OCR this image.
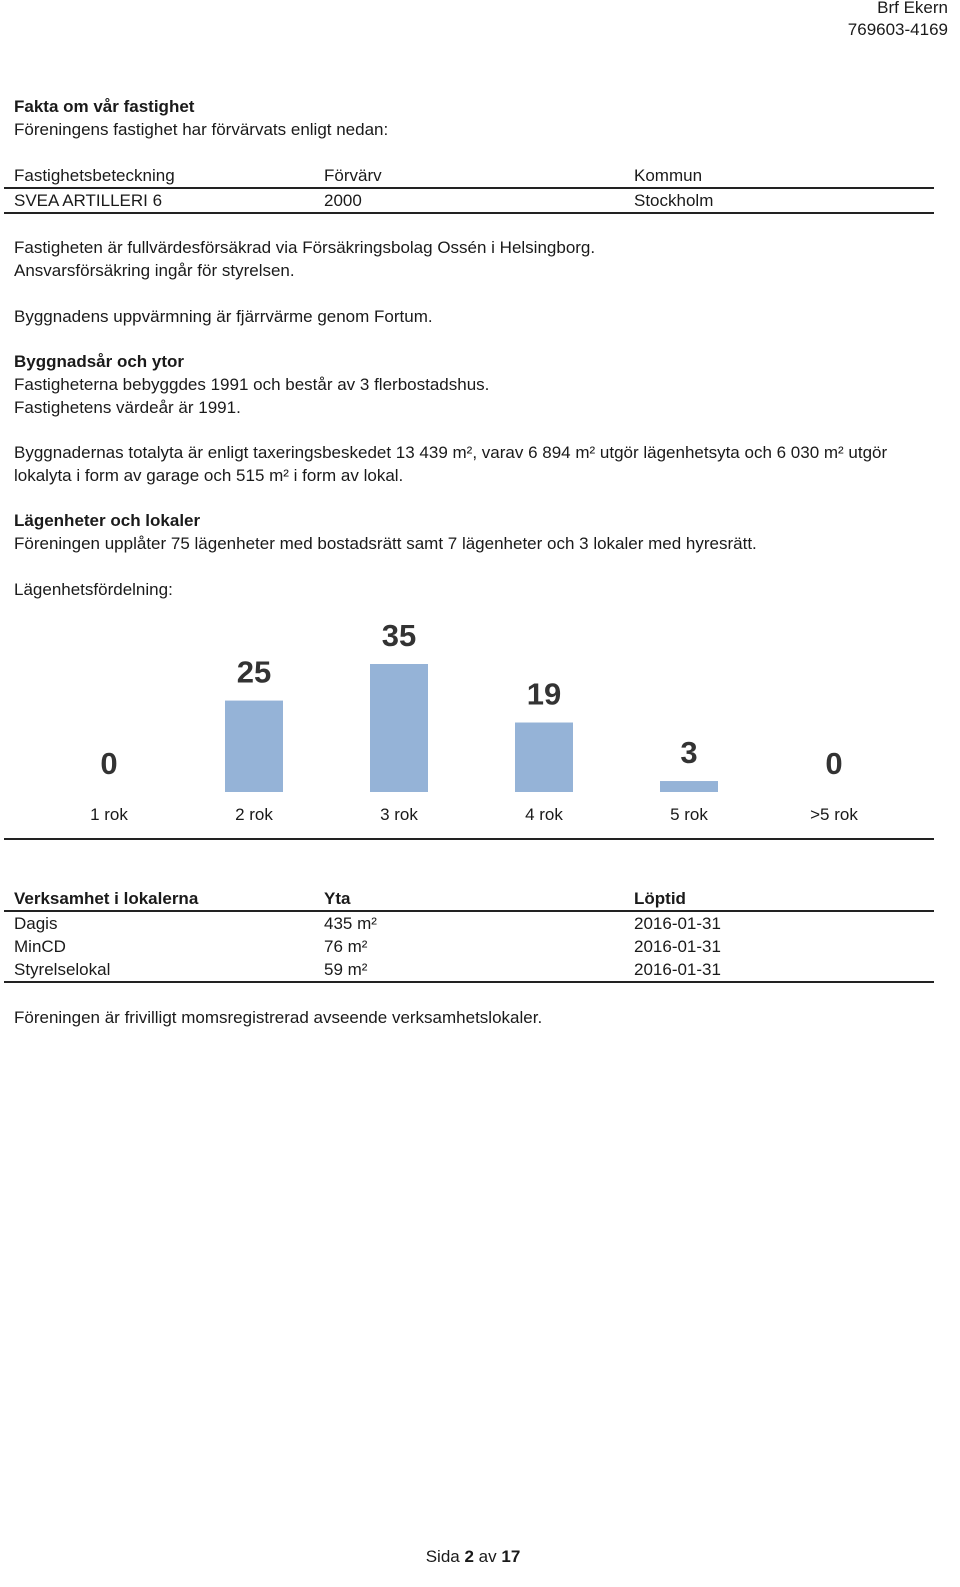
Brf Ekern
769603-4169
Fakta om vår fastighet
Föreningens fastighet har förvärvats enligt nedan:
Fastighetsbeteckning	Förvärv	Kommun
SVEA ARTILLERI 6	2000	Stockholm
Fastigheten är fullvärdesförsäkrad via Försäkringsbolag Ossén i Helsingborg.
Ansvarsförsäkring ingår för styrelsen.
Byggnadens uppvärmning är fjärrvärme genom Fortum.
Byggnadsår och ytor
Fastigheterna bebyggdes 1991 och består av 3 flerbostadshus.
Fastighetens värdeår är 1991.
Byggnadernas totalyta är enligt taxeringsbeskedet 13 439 m², varav 6 894 m² utgör lägenhetsyta och 6 030 m² utgör
lokalyta i form av garage och 515 m² i form av lokal.
Lägenheter och lokaler
Föreningen upplåter 75 lägenheter med bostadsrätt samt 7 lägenheter och 3 lokaler med hyresrätt.
Lägenhetsfördelning:
0
1 rok
25
2 rok
35
3 rok
19
4 rok
3
5 rok
0
>5 rok
Verksamhet i lokalerna	Yta	Löptid
Dagis	435 m²	2016-01-31
MinCD	76 m²	2016-01-31
Styrelselokal	59 m²	2016-01-31
Föreningen är frivilligt momsregistrerad avseende verksamhetslokaler.
Sida 2 av 17
